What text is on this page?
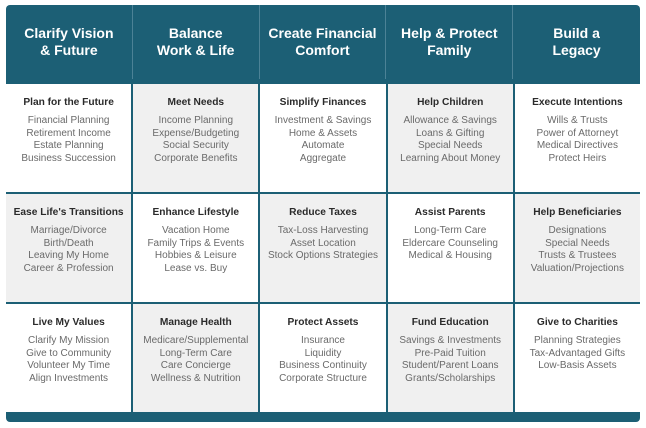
Clarify Vision
& Future
Balance
Work & Life
Create Financial
Comfort
Help & Protect
Family
Build a
Legacy
Plan for the Future
Financial Planning
Retirement Income
Estate Planning
Business Succession
Meet Needs
Income Planning
Expense/Budgeting
Social Security
Corporate Benefits
Simplify Finances
Investment & Savings
Home & Assets
Automate
Aggregate
Help Children
Allowance & Savings
Loans & Gifting
Special Needs
Learning About Money
Execute Intentions
Wills & Trusts
Power of Attorneyt
Medical Directives
Protect Heirs
Ease Life's Transitions
Marriage/Divorce
Birth/Death
Leaving My Home
Career & Profession
Enhance Lifestyle
Vacation Home
Family Trips & Events
Hobbies & Leisure
Lease vs. Buy
Reduce Taxes
Tax-Loss Harvesting
Asset Location
Stock Options Strategies
Assist Parents
Long-Term Care
Eldercare Counseling
Medical & Housing
Help Beneficiaries
Designations
Special Needs
Trusts & Trustees
Valuation/Projections
Live My Values
Clarify My Mission
Give to Community
Volunteer My Time
Align Investments
Manage Health
Medicare/Supplemental
Long-Term Care
Care Concierge
Wellness & Nutrition
Protect Assets
Insurance
Liquidity
Business Continuity
Corporate Structure
Fund Education
Savings & Investments
Pre-Paid Tuition
Student/Parent Loans
Grants/Scholarships
Give to Charities
Planning Strategies
Tax-Advantaged Gifts
Low-Basis Assets
